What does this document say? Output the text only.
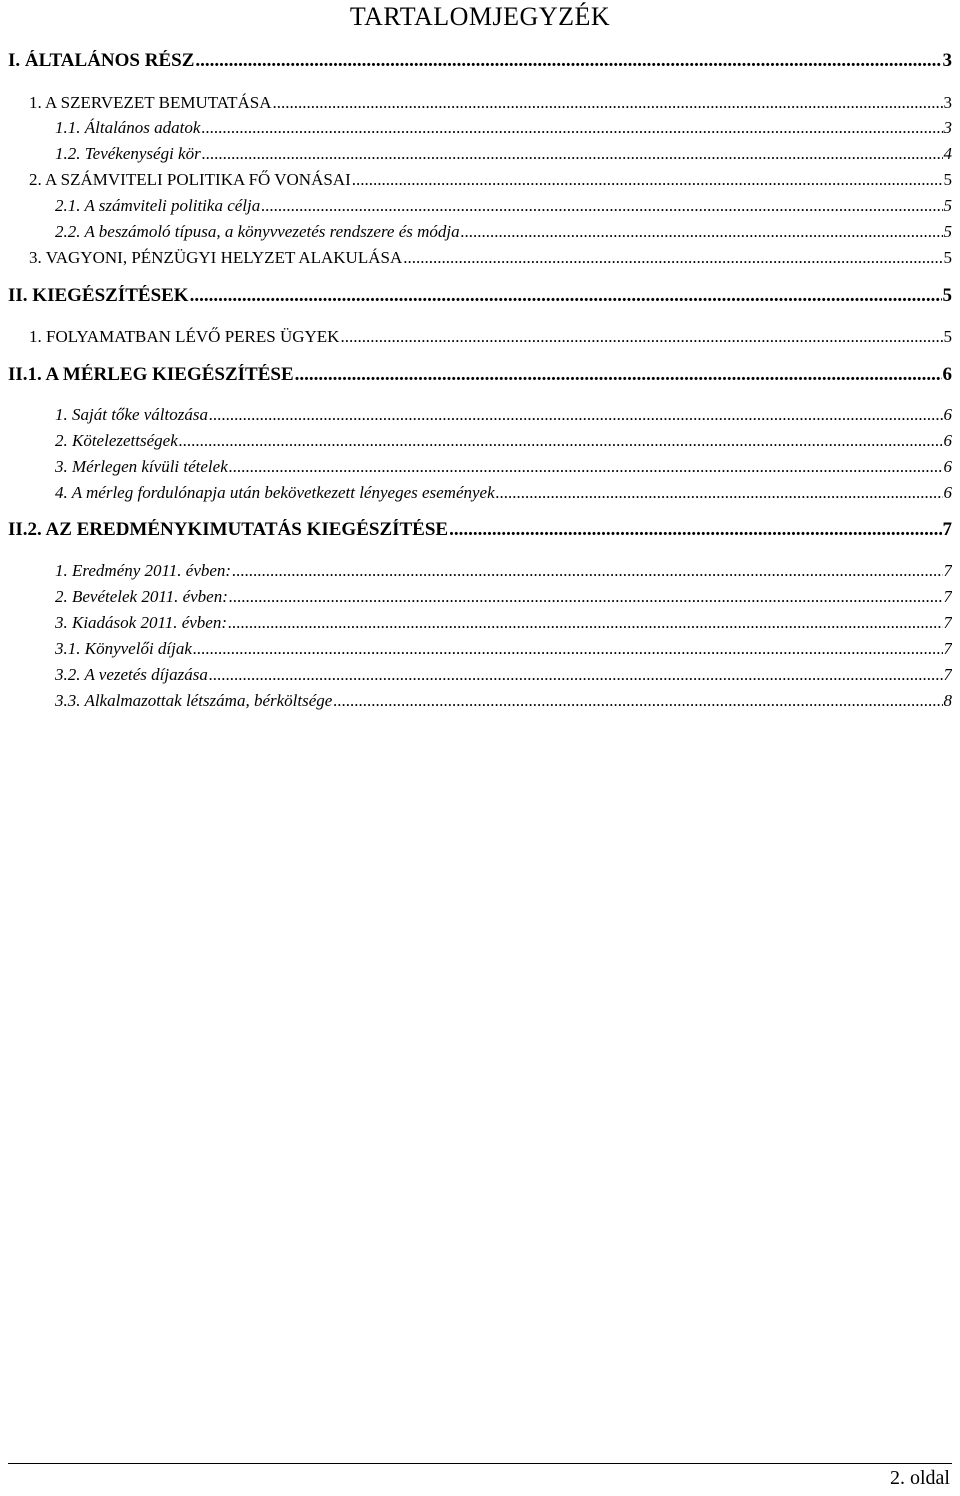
TARTALOMJEGYZÉK
I. ÁLTALÁNOS RÉSZ .....	3
1. A SZERVEZET BEMUTATÁSA .....	3
1.1. Általános adatok .....	3
1.2. Tevékenységi kör .....	4
2. A SZÁMVITELI POLITIKA FŐ VONÁSAI .....	5
2.1. A számviteli politika célja .....	5
2.2. A beszámoló típusa, a könyvvezetés rendszere és módja .....	5
3. VAGYONI, PÉNZÜGYI HELYZET ALAKULÁSA .....	5
II. KIEGÉSZÍTÉSEK .....	5
1. FOLYAMATBAN LÉVŐ PERES ÜGYEK .....	5
II.1. A MÉRLEG KIEGÉSZÍTÉSE .....	6
1. Saját tőke változása .....	6
2. Kötelezettségek .....	6
3. Mérlegen kívüli tételek .....	6
4. A mérleg fordulónapja után bekövetkezett lényeges események .....	6
II.2. AZ EREDMÉNYKIMUTATÁS KIEGÉSZÍTÉSE .....	7
1. Eredmény 2011. évben: .....	7
2. Bevételek 2011. évben: .....	7
3. Kiadások 2011. évben: .....	7
3.1. Könyvelői díjak .....	7
3.2. A vezetés díjazása .....	7
3.3. Alkalmazottak létszáma, bérköltsége .....	8
2. oldal
